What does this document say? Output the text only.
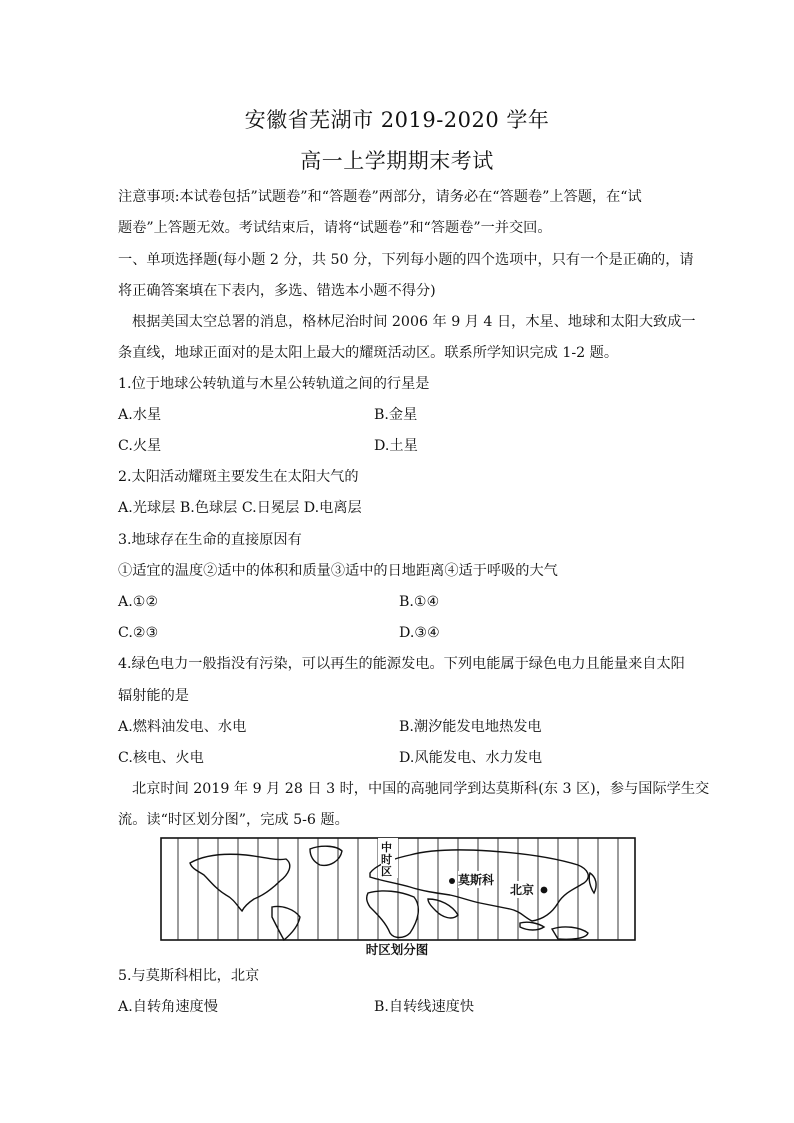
安徽省芜湖市 2019-2020 学年
高一上学期期末考试
注意事项:本试卷包括”试题卷”和“答题卷”两部分，请务必在“答题卷”上答题，在“试
题卷”上答题无效。考试结束后，请将“试题卷”和“答题卷”一并交回。
一、单项选择题(每小题 2 分，共 50 分，下列每小题的四个选项中，只有一个是正确的，请
将正确答案填在下表内，多选、错选本小题不得分)
根据美国太空总署的消息，格林尼治时间 2006 年 9 月 4 日，木星、地球和太阳大致成一
条直线，地球正面对的是太阳上最大的耀斑活动区。联系所学知识完成 1-2 题。
1.位于地球公转轨道与木星公转轨道之间的行星是
A.水星	B.金星
C.火星	D.土星
2.太阳活动耀斑主要发生在太阳大气的
A.光球层 B.色球层 C.日冕层 D.电离层
3.地球存在生命的直接原因有
①适宜的温度②适中的体积和质量③适中的日地距离④适于呼吸的大气
A.①②	B.①④
C.②③	D.③④
4.绿色电力一般指没有污染，可以再生的能源发电。下列电能属于绿色电力且能量来自太阳
辐射能的是
A.燃料油发电、水电	B.潮汐能发电地热发电
C.核电、火电	D.风能发电、水力发电
北京时间 2019 年 9 月 28 日 3 时，中国的高驰同学到达莫斯科(东 3 区)，参与国际学生交
流。读“时区划分图”，完成 5-6 题。
中时区
莫斯科
北京
时区划分图
5.与莫斯科相比，北京
A.自转角速度慢	B.自转线速度快
